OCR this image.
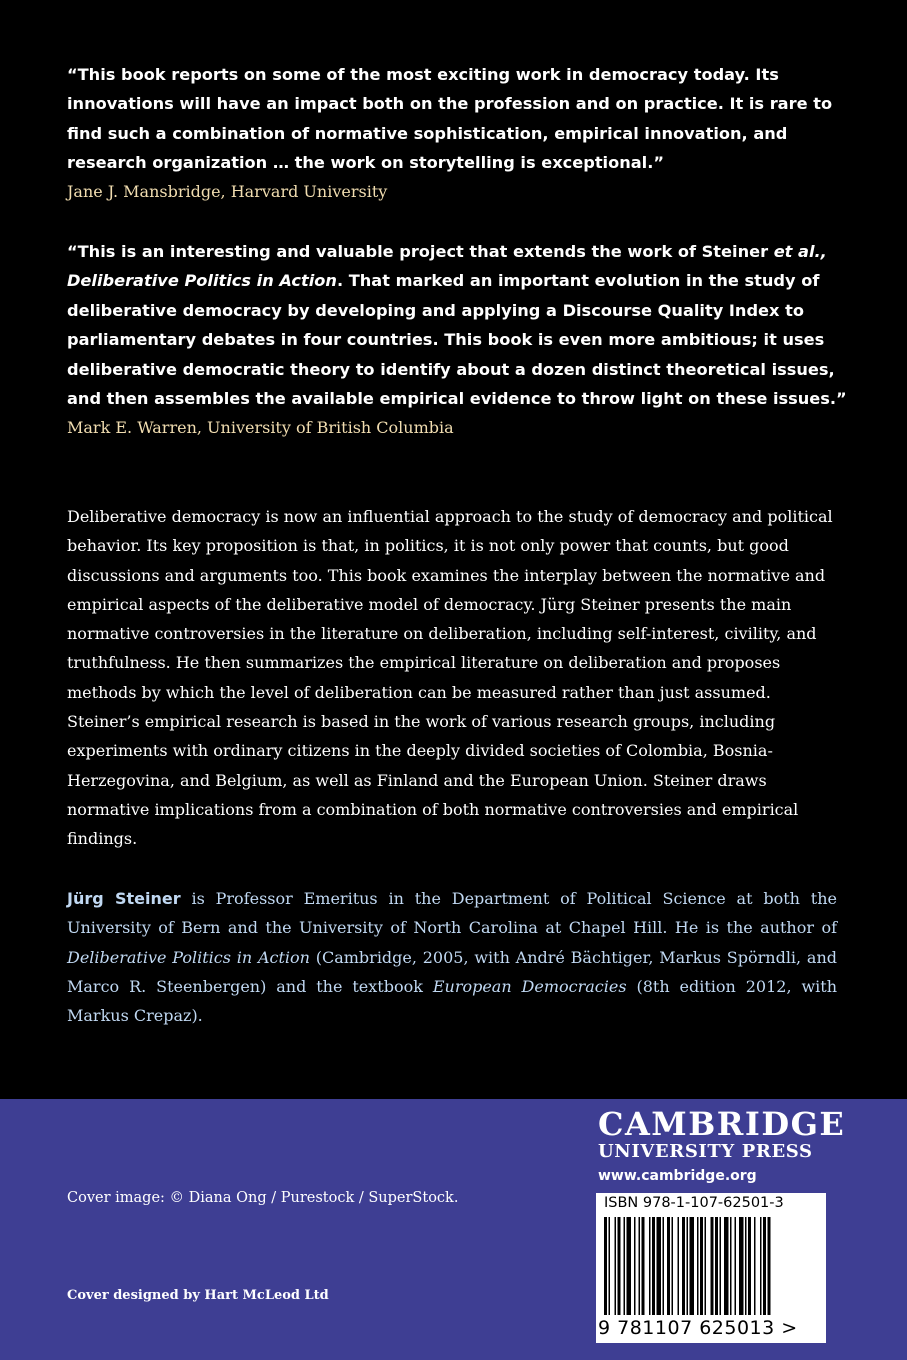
“This book reports on some of the most exciting work in democracy today. Its innovations will have an impact both on the profession and on practice. It is rare to find such a combination of normative sophistication, empirical innovation, and research organization … the work on storytelling is exceptional.”
Jane J. Mansbridge, Harvard University
“This is an interesting and valuable project that extends the work of Steiner et al., Deliberative Politics in Action. That marked an important evolution in the study of deliberative democracy by developing and applying a Discourse Quality Index to parliamentary debates in four countries. This book is even more ambitious; it uses deliberative democratic theory to identify about a dozen distinct theoretical issues, and then assembles the available empirical evidence to throw light on these issues.”
Mark E. Warren, University of British Columbia
Deliberative democracy is now an influential approach to the study of democracy and political behavior. Its key proposition is that, in politics, it is not only power that counts, but good discussions and arguments too. This book examines the interplay between the normative and empirical aspects of the deliberative model of democracy. Jürg Steiner presents the main normative controversies in the literature on deliberation, including self-interest, civility, and truthfulness. He then summarizes the empirical literature on deliberation and proposes methods by which the level of deliberation can be measured rather than just assumed. Steiner’s empirical research is based in the work of various research groups, including experiments with ordinary citizens in the deeply divided societies of Colombia, Bosnia-Herzegovina, and Belgium, as well as Finland and the European Union. Steiner draws normative implications from a combination of both normative controversies and empirical findings.
Jürg Steiner is Professor Emeritus in the Department of Political Science at both the University of Bern and the University of North Carolina at Chapel Hill. He is the author of Deliberative Politics in Action (Cambridge, 2005, with André Bächtiger, Markus Spörndli, and Marco R. Steenbergen) and the textbook European Democracies (8th edition 2012, with Markus Crepaz).
Cover image: © Diana Ong / Purestock / SuperStock.
Cover designed by Hart McLeod Ltd
CAMBRIDGE
UNIVERSITY PRESS
www.cambridge.org
ISBN 978-1-107-62501-3
9 781107 625013 >
